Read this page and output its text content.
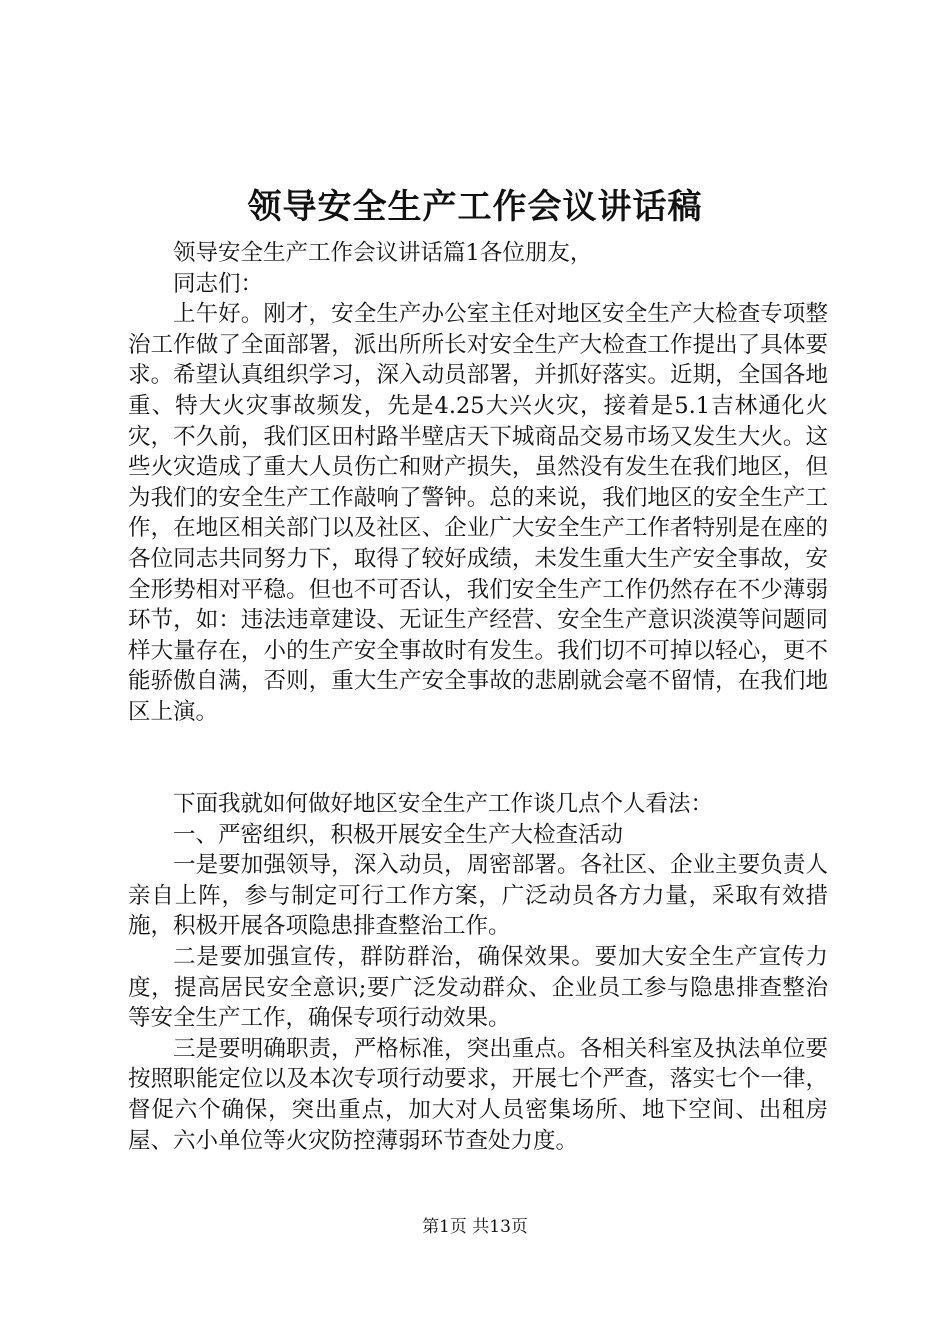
领导安全生产工作会议讲话稿

领导安全生产工作会议讲话篇1各位朋友，

同志们：

上午好。刚才，安全生产办公室主任对地区安全生产大检查专项整治工作做了全面部署，派出所所长对安全生产大检查工作提出了具体要求。希望认真组织学习，深入动员部署，并抓好落实。近期，全国各地重、特大火灾事故频发，先是4.25大兴火灾，接着是5.1吉林通化火灾，不久前，我们区田村路半壁店天下城商品交易市场又发生大火。这些火灾造成了重大人员伤亡和财产损失，虽然没有发生在我们地区，但为我们的安全生产工作敲响了警钟。总的来说，我们地区的安全生产工作，在地区相关部门以及社区、企业广大安全生产工作者特别是在座的各位同志共同努力下，取得了较好成绩，未发生重大生产安全事故，安全形势相对平稳。但也不可否认，我们安全生产工作仍然存在不少薄弱环节，如：违法违章建设、无证生产经营、安全生产意识淡漠等问题同样大量存在，小的生产安全事故时有发生。我们切不可掉以轻心，更不能骄傲自满，否则，重大生产安全事故的悲剧就会毫不留情，在我们地区上演。

下面我就如何做好地区安全生产工作谈几点个人看法：

一、严密组织，积极开展安全生产大检查活动

一是要加强领导，深入动员，周密部署。各社区、企业主要负责人亲自上阵，参与制定可行工作方案，广泛动员各方力量，采取有效措施，积极开展各项隐患排查整治工作。

二是要加强宣传，群防群治，确保效果。要加大安全生产宣传力度，提高居民安全意识;要广泛发动群众、企业员工参与隐患排查整治等安全生产工作，确保专项行动效果。

三是要明确职责，严格标准，突出重点。各相关科室及执法单位要按照职能定位以及本次专项行动要求，开展七个严查，落实七个一律，督促六个确保，突出重点，加大对人员密集场所、地下空间、出租房屋、六小单位等火灾防控薄弱环节查处力度。

第1页 共13页
